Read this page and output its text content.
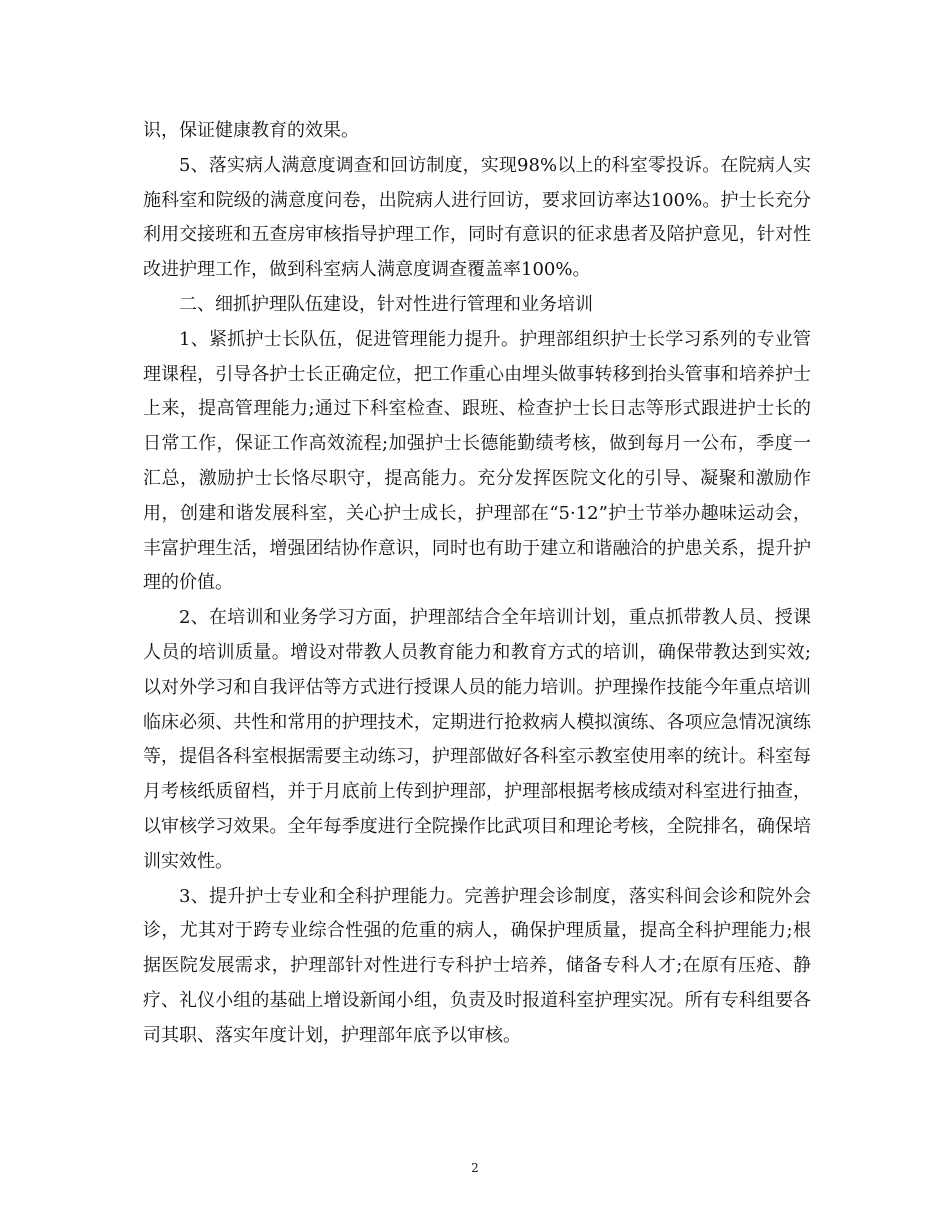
识，保证健康教育的效果。

5、落实病人满意度调查和回访制度，实现98%以上的科室零投诉。在院病人实施科室和院级的满意度问卷，出院病人进行回访，要求回访率达100%。护士长充分利用交接班和五查房审核指导护理工作，同时有意识的征求患者及陪护意见，针对性改进护理工作，做到科室病人满意度调查覆盖率100%。

二、细抓护理队伍建设，针对性进行管理和业务培训

1、紧抓护士长队伍，促进管理能力提升。护理部组织护士长学习系列的专业管理课程，引导各护士长正确定位，把工作重心由埋头做事转移到抬头管事和培养护士上来，提高管理能力;通过下科室检查、跟班、检查护士长日志等形式跟进护士长的日常工作，保证工作高效流程;加强护士长德能勤绩考核，做到每月一公布，季度一汇总，激励护士长恪尽职守，提高能力。充分发挥医院文化的引导、凝聚和激励作用，创建和谐发展科室，关心护士成长，护理部在“5·12”护士节举办趣味运动会，丰富护理生活，增强团结协作意识，同时也有助于建立和谐融洽的护患关系，提升护理的价值。

2、在培训和业务学习方面，护理部结合全年培训计划，重点抓带教人员、授课人员的培训质量。增设对带教人员教育能力和教育方式的培训，确保带教达到实效;以对外学习和自我评估等方式进行授课人员的能力培训。护理操作技能今年重点培训临床必须、共性和常用的护理技术，定期进行抢救病人模拟演练、各项应急情况演练等，提倡各科室根据需要主动练习，护理部做好各科室示教室使用率的统计。科室每月考核纸质留档，并于月底前上传到护理部，护理部根据考核成绩对科室进行抽查，以审核学习效果。全年每季度进行全院操作比武项目和理论考核，全院排名，确保培训实效性。

3、提升护士专业和全科护理能力。完善护理会诊制度，落实科间会诊和院外会诊，尤其对于跨专业综合性强的危重的病人，确保护理质量，提高全科护理能力;根据医院发展需求，护理部针对性进行专科护士培养，储备专科人才;在原有压疮、静疗、礼仪小组的基础上增设新闻小组，负责及时报道科室护理实况。所有专科组要各司其职、落实年度计划，护理部年底予以审核。

2
